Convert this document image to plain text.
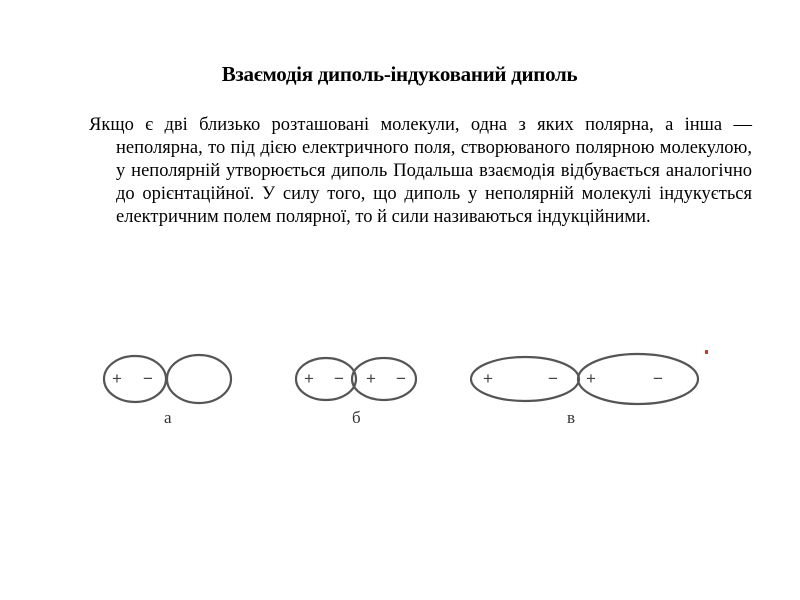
Взаємодія диполь-індукований диполь

Якщо є дві близько розташовані молекули, одна з яких полярна, а інша — неполярна, то під дією електричного поля, створюваного полярною молекулою, у неполярній утворюється диполь Подальша взаємодія відбувається аналогічно до орієнтаційної. У силу того, що диполь у неполярній молекулі індукується електричним полем полярної, то й сили називаються індукційними.

+ −	+ − + −	+	− +	−
а	б	в
